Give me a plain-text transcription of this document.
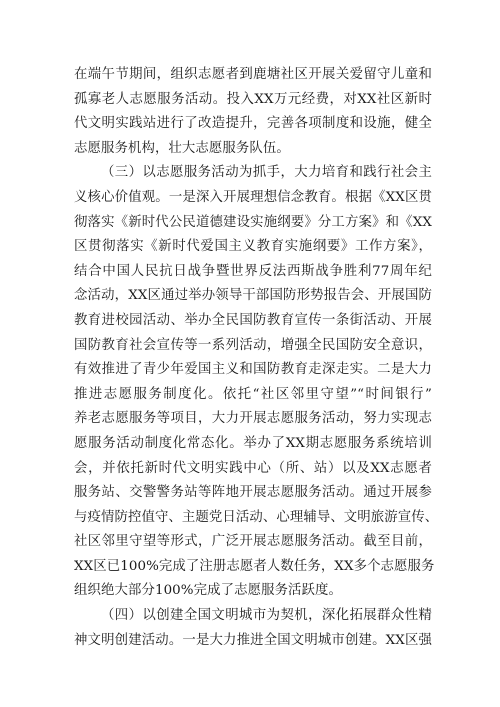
在端午节期间，组织志愿者到鹿塘社区开展关爱留守儿童和
孤寡老人志愿服务活动。投入XX万元经费，对XX社区新时
代文明实践站进行了改造提升，完善各项制度和设施，健全
志愿服务机构，壮大志愿服务队伍。
（三）以志愿服务活动为抓手，大力培育和践行社会主
义核心价值观。一是深入开展理想信念教育。根据《XX区贯
彻落实《新时代公民道德建设实施纲要》分工方案》和《XX
区贯彻落实《新时代爱国主义教育实施纲要》工作方案》，
结合中国人民抗日战争暨世界反法西斯战争胜利77周年纪
念活动，XX区通过举办领导干部国防形势报告会、开展国防
教育进校园活动、举办全民国防教育宣传一条街活动、开展
国防教育社会宣传等一系列活动，增强全民国防安全意识，
有效推进了青少年爱国主义和国防教育走深走实。二是大力
推进志愿服务制度化。依托“社区邻里守望”“时间银行”
养老志愿服务等项目，大力开展志愿服务活动，努力实现志
愿服务活动制度化常态化。举办了XX期志愿服务系统培训
会，并依托新时代文明实践中心（所、站）以及XX志愿者
服务站、交警警务站等阵地开展志愿服务活动。通过开展参
与疫情防控值守、主题党日活动、心理辅导、文明旅游宣传、
社区邻里守望等形式，广泛开展志愿服务活动。截至目前，
XX区已100%完成了注册志愿者人数任务，XX多个志愿服务
组织绝大部分100%完成了志愿服务活跃度。
（四）以创建全国文明城市为契机，深化拓展群众性精
神文明创建活动。一是大力推进全国文明城市创建。XX区强
